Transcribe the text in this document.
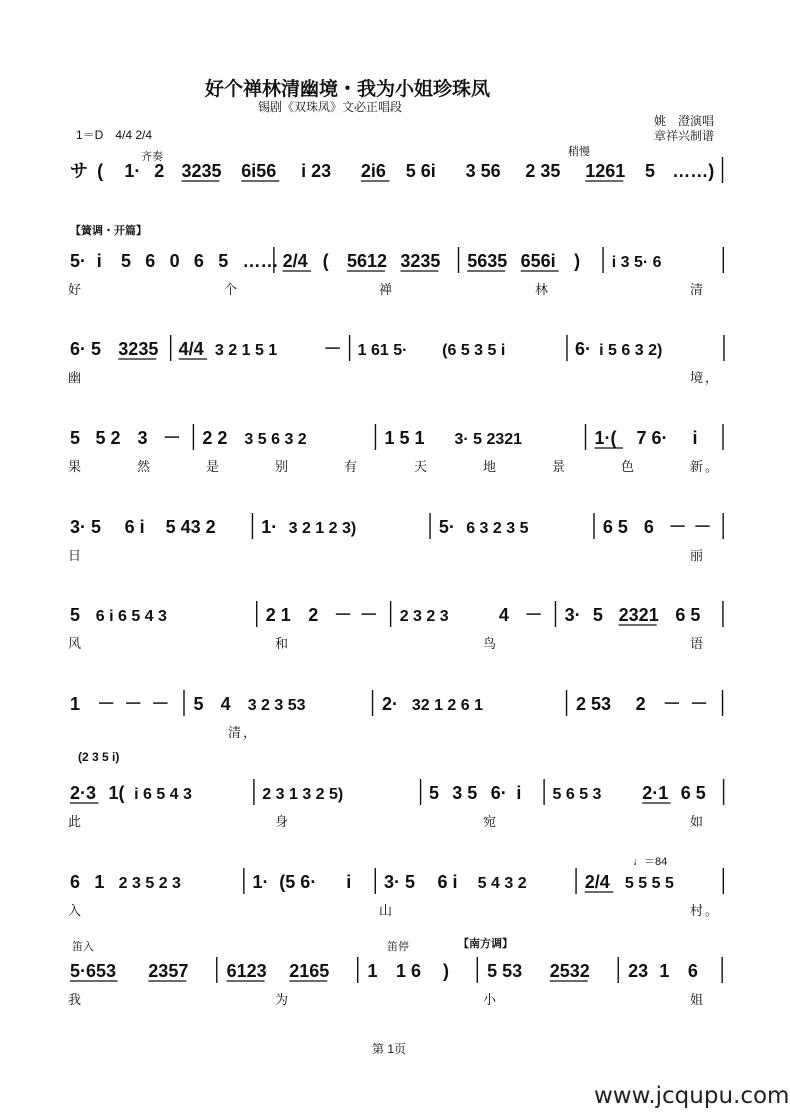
好个禅林清幽境・我为小姐珍珠凤
锡剧《双珠凤》文必正唱段
姚　澄演唱
章祥兴制谱
1＝D　4/4 2/4
齐奏	稍慢
【簧调・开篇】
(2 3 5 i)
♩＝84
笛入	笛停	【南方调】
サ ( 1· 2 3235 6i56 i 23 2i6 5 6i 3 56 2 35 1261 5 ……)
5· i 5 6 0 6 5 …… 2/4 ( 5612 3235 5635 656i ) i 3 5· 6
好	个	禅	林	清
6· 5 3235 4/4 3 2 1 5 1	－ 1 61 5· (6 5 3 5 i	6· i 5 6 3 2)
幽	境，
5 5 2 3 － 2 2 3 5 6 3 2	1 5 1 3· 5 2321	1·( 7 6· i
果	然	是	别	有	天	地	景	色	新。
3· 5 6 i 5 43 2	1· 3 2 1 2 3)	5· 6 3 2 3 5	6 5 6 － －
日	丽
5 6 i 6 5 4 3	2 1 2 － － 2 3 2 3	4 － 3· 5 2321 6 5
风	和	鸟	语
1 － － － 5 4 3 2 3 53	2· 32 1 2 6 1	2 53 2 － －
清，
2·3 1( i 6 5 4 3	2 3 1 3 2 5)	5 3 5 6· i 5 6 5 3 2·1 6 5
此	身	宛	如
6 1 2 3 5 2 3	1· (5 6· i 3· 5 6 i 5 4 3 2	2/4 5 5 5 5
入	山	村。
5·653 2357 6123 2165 1 1 6 ) 5 53 2532 23 1 6
我	为	小	姐
第 1页
www.jcqupu.com
